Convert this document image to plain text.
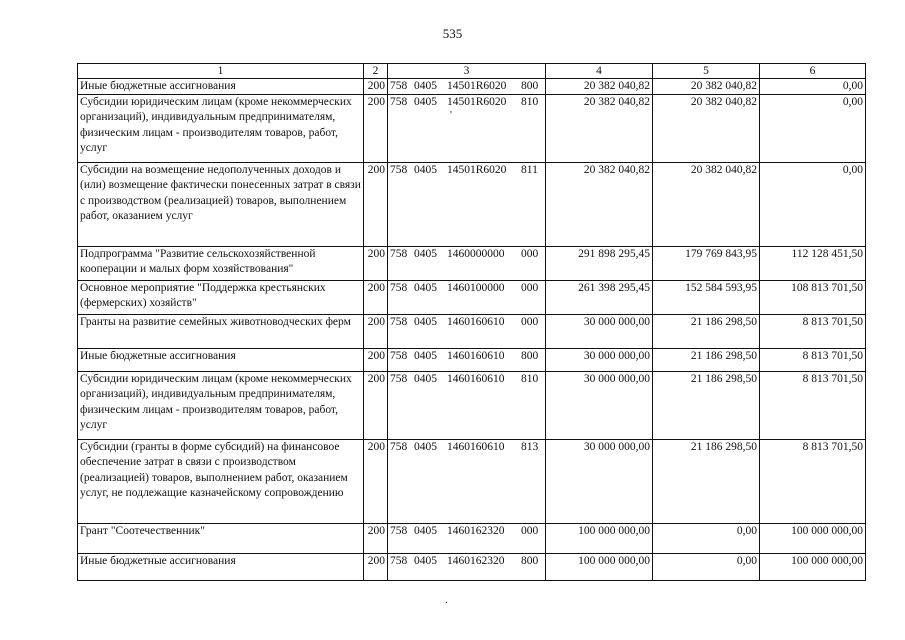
535
1	2	3	4	5	6
Иные бюджетные ассигнования	200	758 0405 14501R6020 800	20 382 040,82	20 382 040,82	0,00
Субсидии юридическим лицам (кроме некоммерческих организаций), индивидуальным предпринимателям, физическим лицам - производителям товаров, работ, услуг	200	758 0405 14501R6020 810	20 382 040,82	20 382 040,82	0,00
Субсидии на возмещение недополученных доходов и (или) возмещение фактически понесенных затрат в связи с производством (реализацией) товаров, выполнением работ, оказанием услуг	200	758 0405 14501R6020 811	20 382 040,82	20 382 040,82	0,00
Подпрограмма "Развитие сельскохозяйственной кооперации и малых форм хозяйствования"	200	758 0405 1460000000 000	291 898 295,45	179 769 843,95	112 128 451,50
Основное мероприятие "Поддержка крестьянских (фермерских) хозяйств"	200	758 0405 1460100000 000	261 398 295,45	152 584 593,95	108 813 701,50
Гранты на развитие семейных животноводческих ферм	200	758 0405 1460160610 000	30 000 000,00	21 186 298,50	8 813 701,50
Иные бюджетные ассигнования	200	758 0405 1460160610 800	30 000 000,00	21 186 298,50	8 813 701,50
Субсидии юридическим лицам (кроме некоммерческих организаций), индивидуальным предпринимателям, физическим лицам - производителям товаров, работ, услуг	200	758 0405 1460160610 810	30 000 000,00	21 186 298,50	8 813 701,50
Субсидии (гранты в форме субсидий) на финансовое обеспечение затрат в связи с производством (реализацией) товаров, выполнением работ, оказанием услуг, не подлежащие казначейскому сопровождению	200	758 0405 1460160610 813	30 000 000,00	21 186 298,50	8 813 701,50
Грант "Соотечественник"	200	758 0405 1460162320 000	100 000 000,00	0,00	100 000 000,00
Иные бюджетные ассигнования	200	758 0405 1460162320 800	100 000 000,00	0,00	100 000 000,00
'
.
